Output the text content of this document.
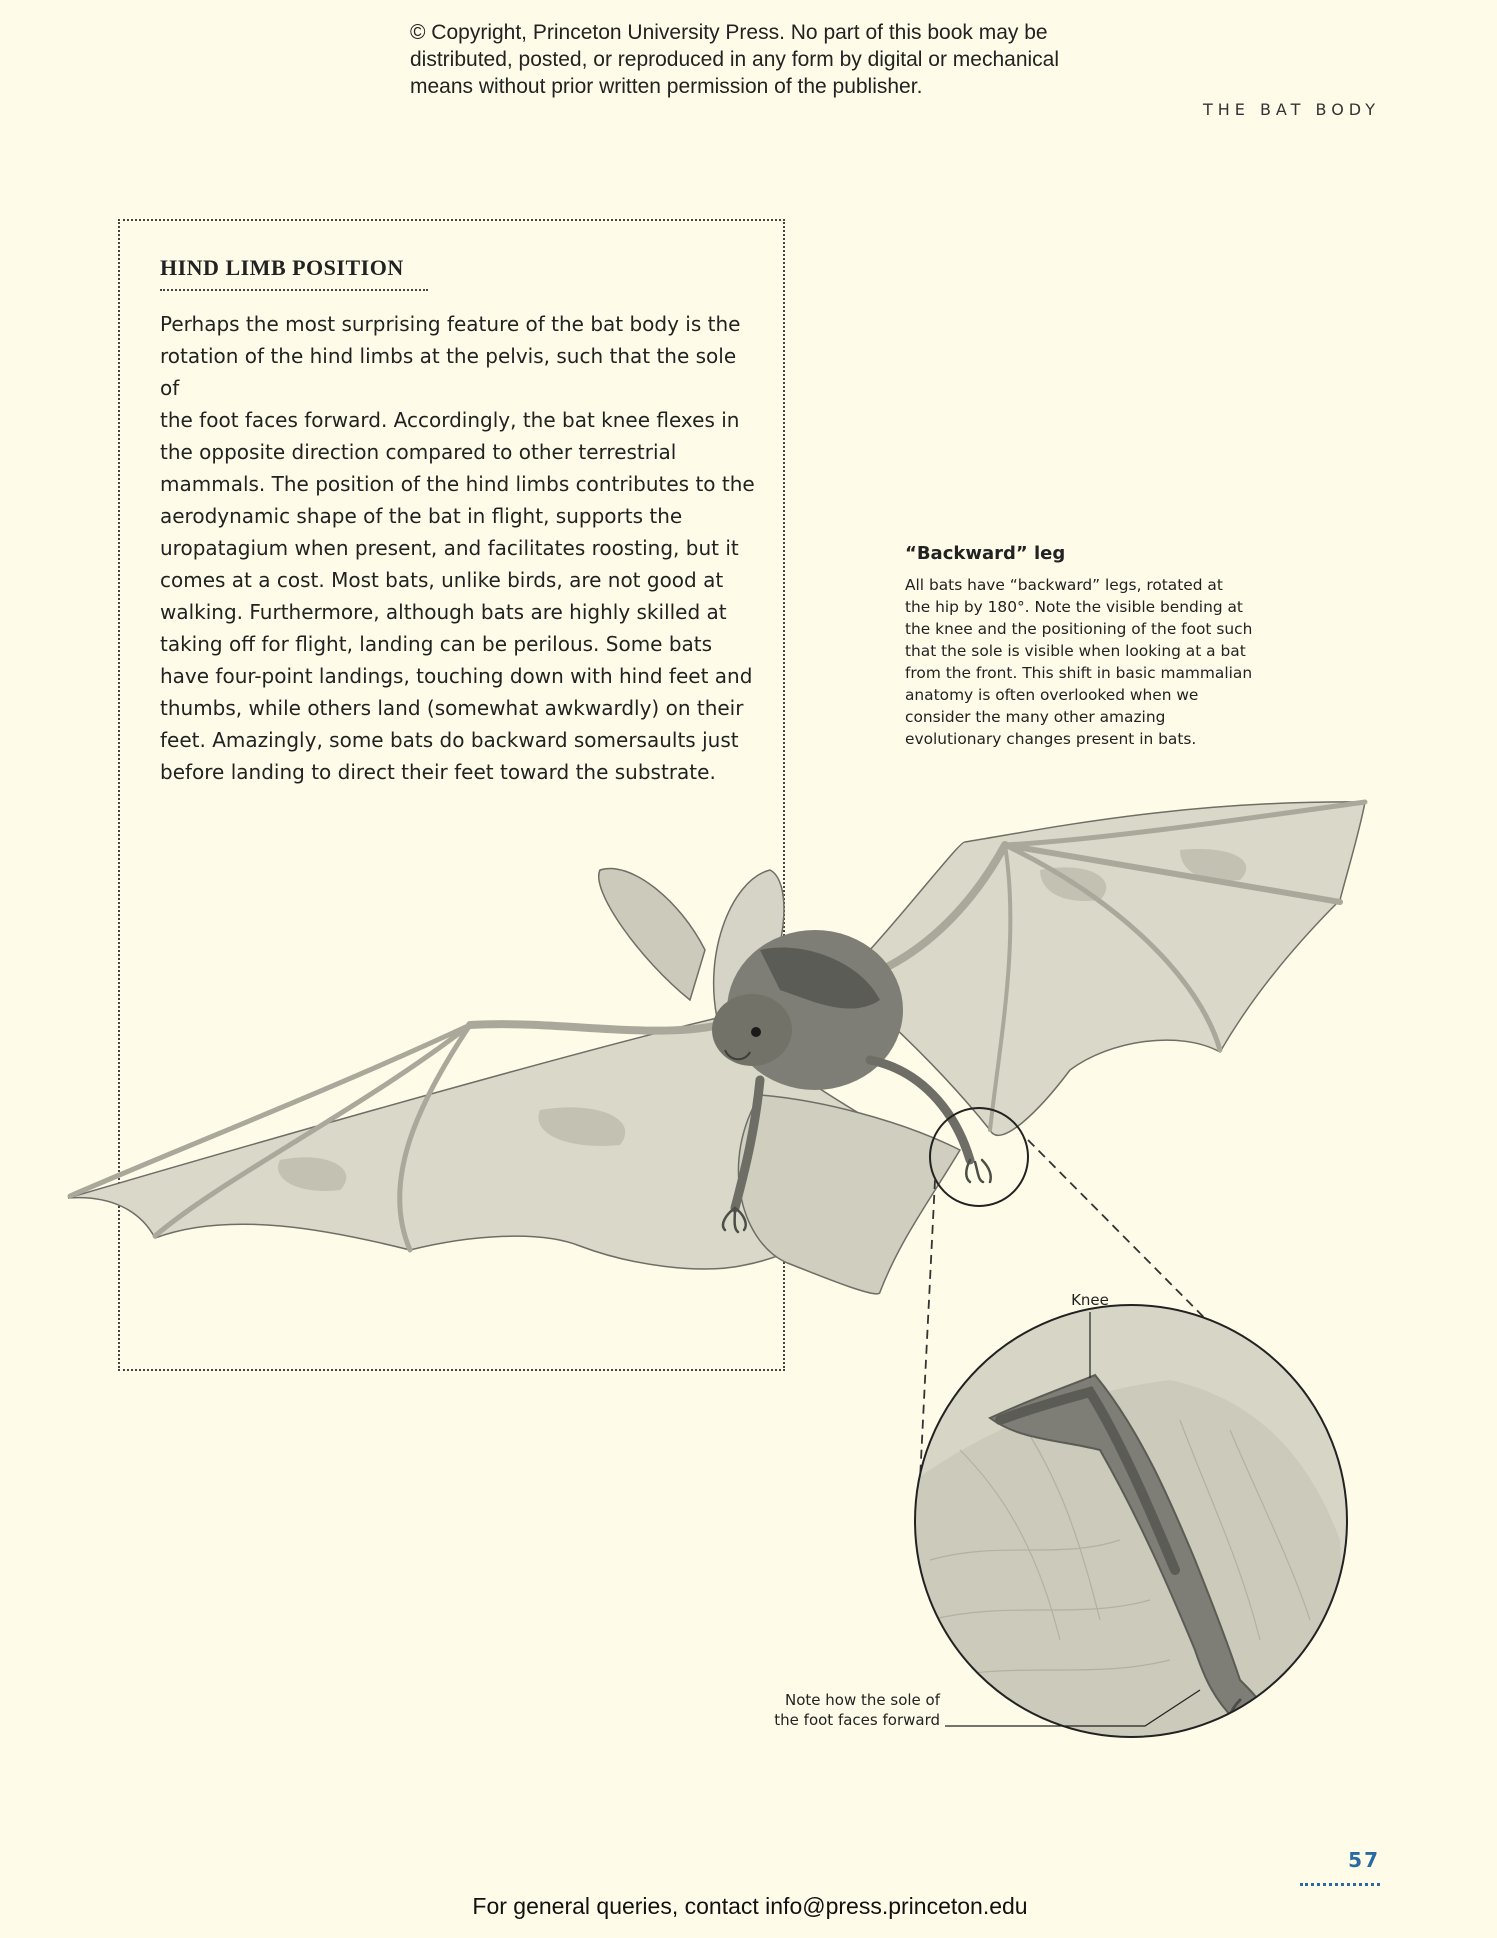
© Copyright, Princeton University Press. No part of this book may be
distributed, posted, or reproduced in any form by digital or mechanical
means without prior written permission of the publisher.
THE BAT BODY
HIND LIMB POSITION
Perhaps the most surprising feature of the bat body is the
rotation of the hind limbs at the pelvis, such that the sole of
the foot faces forward. Accordingly, the bat knee flexes in
the opposite direction compared to other terrestrial
mammals. The position of the hind limbs contributes to the
aerodynamic shape of the bat in flight, supports the
uropatagium when present, and facilitates roosting, but it
comes at a cost. Most bats, unlike birds, are not good at
walking. Furthermore, although bats are highly skilled at
taking off for flight, landing can be perilous. Some bats
have four-point landings, touching down with hind feet and
thumbs, while others land (somewhat awkwardly) on their
feet. Amazingly, some bats do backward somersaults just
before landing to direct their feet toward the substrate.
“Backward” leg
All bats have “backward” legs, rotated at
the hip by 180°. Note the visible bending at
the knee and the positioning of the foot such
that the sole is visible when looking at a bat
from the front. This shift in basic mammalian
anatomy is often overlooked when we
consider the many other amazing
evolutionary changes present in bats.
Knee
Note how the sole of
the foot faces forward
57
For general queries, contact info@press.princeton.edu
